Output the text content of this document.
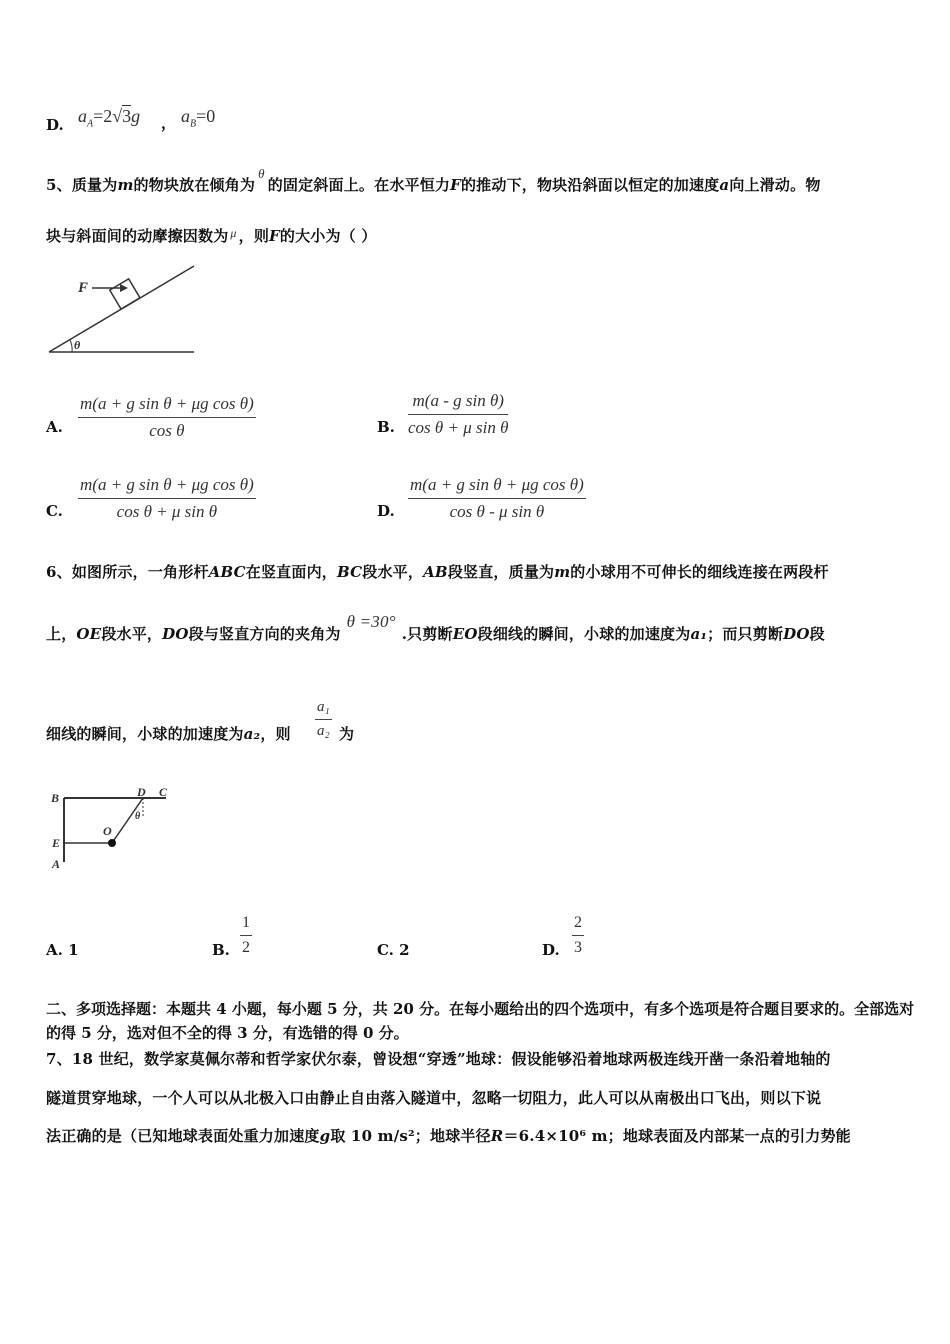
D. $a_A=2√3g$ ， $a_B=0$
5、质量为m的物块放在倾角为θ的固定斜面上。在水平恒力F的推动下，物块沿斜面以恒定的加速度a向上滑动。物
块与斜面间的动摩擦因数为 $^\mu$ ，则F的大小为（ ）
F
θ
A. $\frac{\text{m(a + g sin θ + μg cos θ)}}{\text{cos θ}}$	B. $\frac{\text{m(a - g sin θ)}}{\text{cos θ + μ sin θ}}$
C. $\frac{\text{m(a + g sin θ + μg cos θ)}}{\text{cos θ + μ sin θ}}$	D. $\frac{\text{m(a + g sin θ + μg cos θ)}}{\text{cos θ - μ sin θ}}$
6、如图所示，一角形杆ABC在竖直面内，BC段水平，AB段竖直，质量为m的小球用不可伸长的细线连接在两段杆
上，OE段水平，DO段与竖直方向的夹角为θ =30°.只剪断EO段细线的瞬间，小球的加速度为a₁；而只剪断DO段
细线的瞬间，小球的加速度为a₂，则 $\frac{\text{a₁}}{\text{a₂}}$ 为
B	D C
E
O
A
θ
A. 1	B. $\frac{1}{2}$	C. 2	D. $\frac{2}{3}$
二、多项选择题：本题共 4 小题，每小题 5 分，共 20 分。在每小题给出的四个选项中，有多个选项是符合题目要求的。全部选对的得 5 分，选对但不全的得 3 分，有选错的得 0 分。
7、18 世纪，数学家莫佩尔蒂和哲学家伏尔泰，曾设想“穿透”地球：假设能够沿着地球两极连线开凿一条沿着地轴的
隧道贯穿地球，一个人可以从北极入口由静止自由落入隧道中，忽略一切阻力，此人可以从南极出口飞出，则以下说
法正确的是（已知地球表面处重力加速度g取 10 m/s²；地球半径R＝6.4×10⁶ m；地球表面及内部某一点的引力势能
